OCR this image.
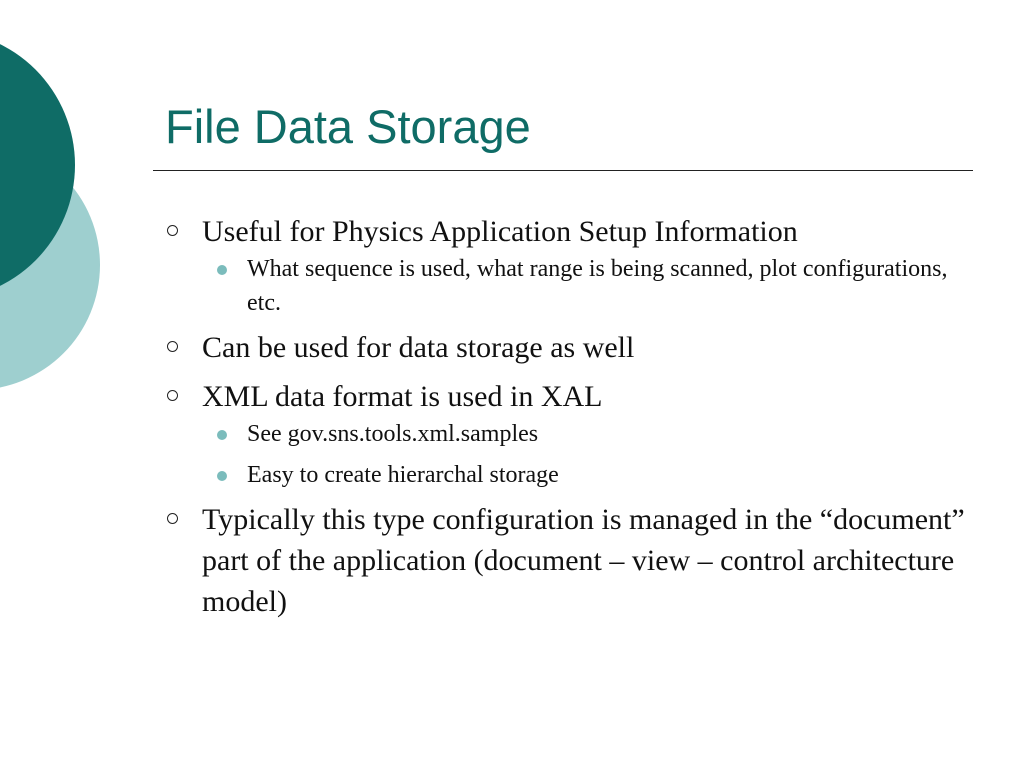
File Data Storage
Useful for Physics Application Setup Information
What sequence is used, what range is being scanned, plot configurations, etc.
Can be used for data storage as well
XML data format is used in XAL
See gov.sns.tools.xml.samples
Easy to create hierarchal storage
Typically this type configuration is managed in the “document” part of the application (document – view – control architecture model)
